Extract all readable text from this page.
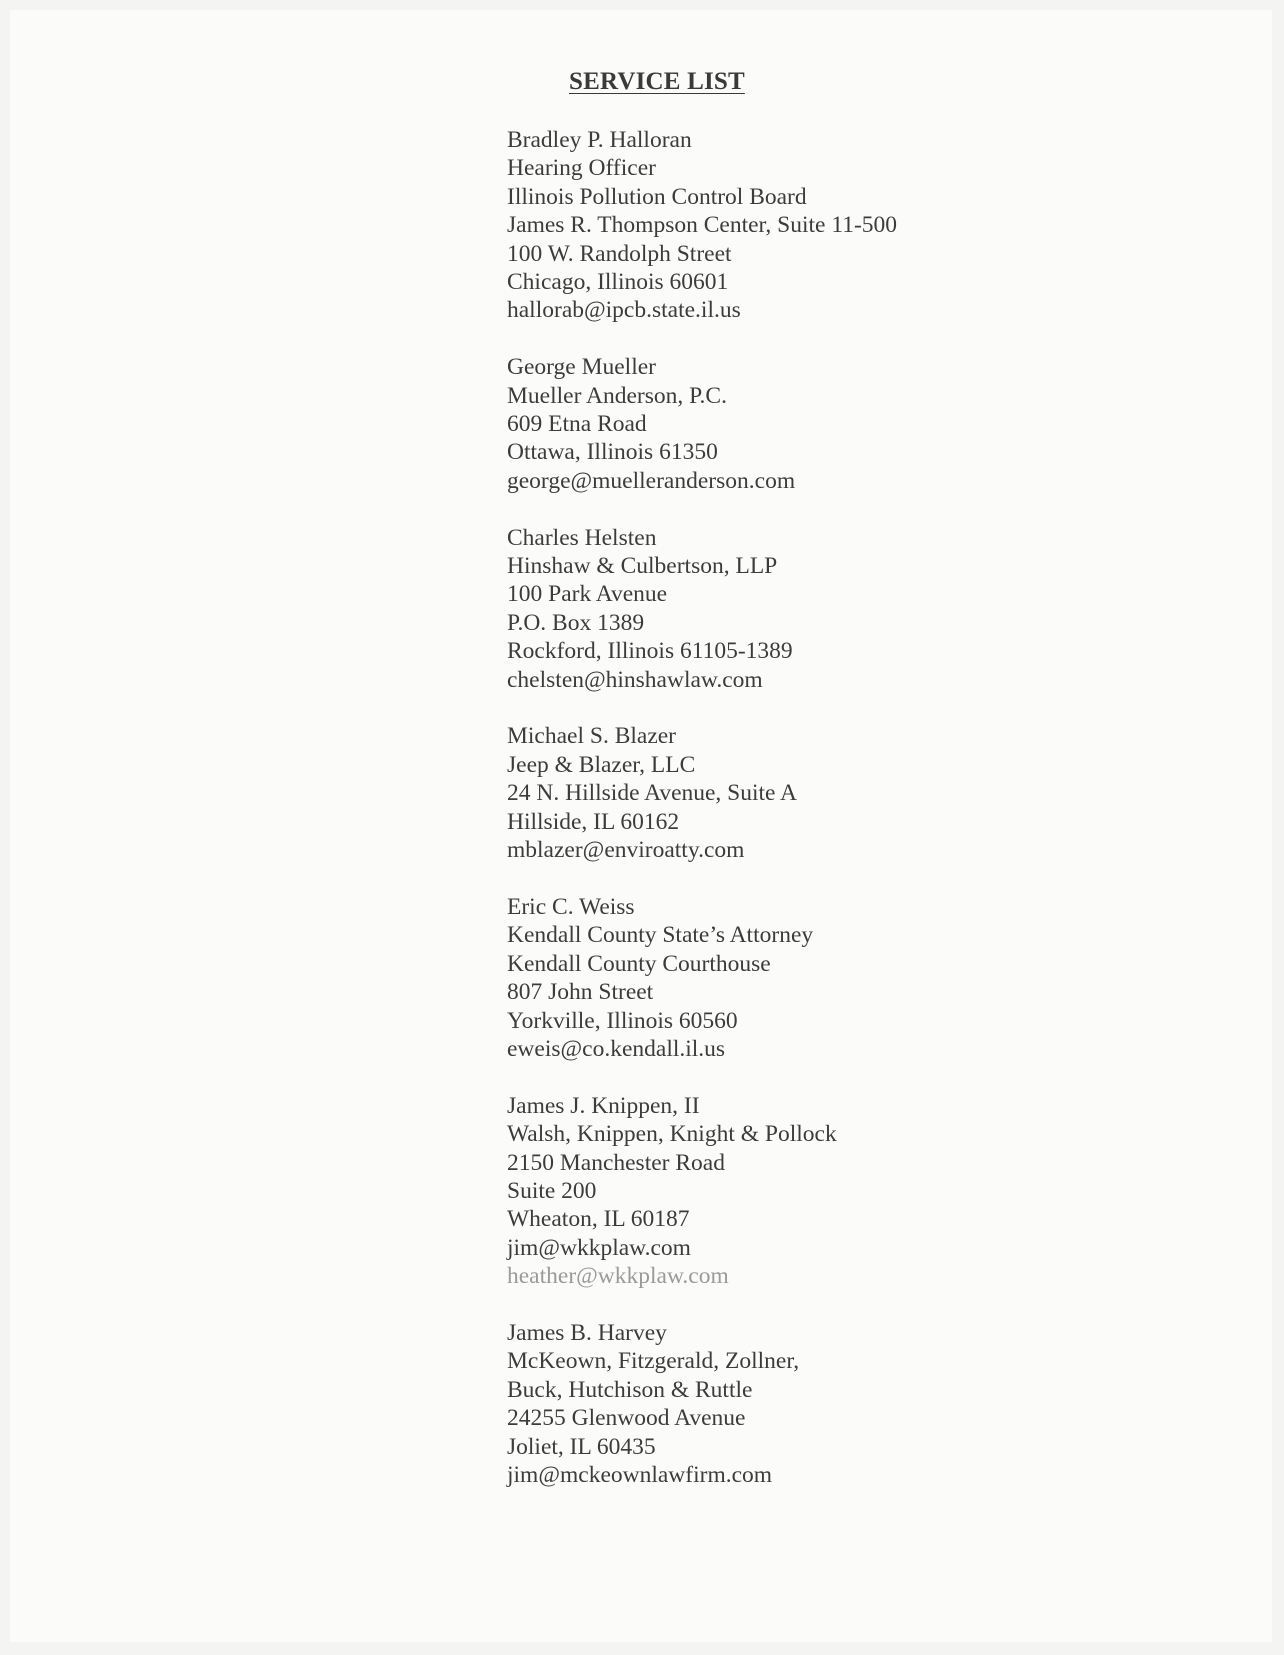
SERVICE LIST
Bradley P. Halloran
Hearing Officer
Illinois Pollution Control Board
James R. Thompson Center, Suite 11-500
100 W. Randolph Street
Chicago, Illinois 60601
hallorab@ipcb.state.il.us
George Mueller
Mueller Anderson, P.C.
609 Etna Road
Ottawa, Illinois 61350
george@muelleranderson.com
Charles Helsten
Hinshaw & Culbertson, LLP
100 Park Avenue
P.O. Box 1389
Rockford, Illinois 61105-1389
chelsten@hinshawlaw.com
Michael S. Blazer
Jeep & Blazer, LLC
24 N. Hillside Avenue, Suite A
Hillside, IL 60162
mblazer@enviroatty.com
Eric C. Weiss
Kendall County State’s Attorney
Kendall County Courthouse
807 John Street
Yorkville, Illinois 60560
eweis@co.kendall.il.us
James J. Knippen, II
Walsh, Knippen, Knight & Pollock
2150 Manchester Road
Suite 200
Wheaton, IL 60187
jim@wkkplaw.com
heather@wkkplaw.com
James B. Harvey
McKeown, Fitzgerald, Zollner,
Buck, Hutchison & Ruttle
24255 Glenwood Avenue
Joliet, IL 60435
jim@mckeownlawfirm.com
